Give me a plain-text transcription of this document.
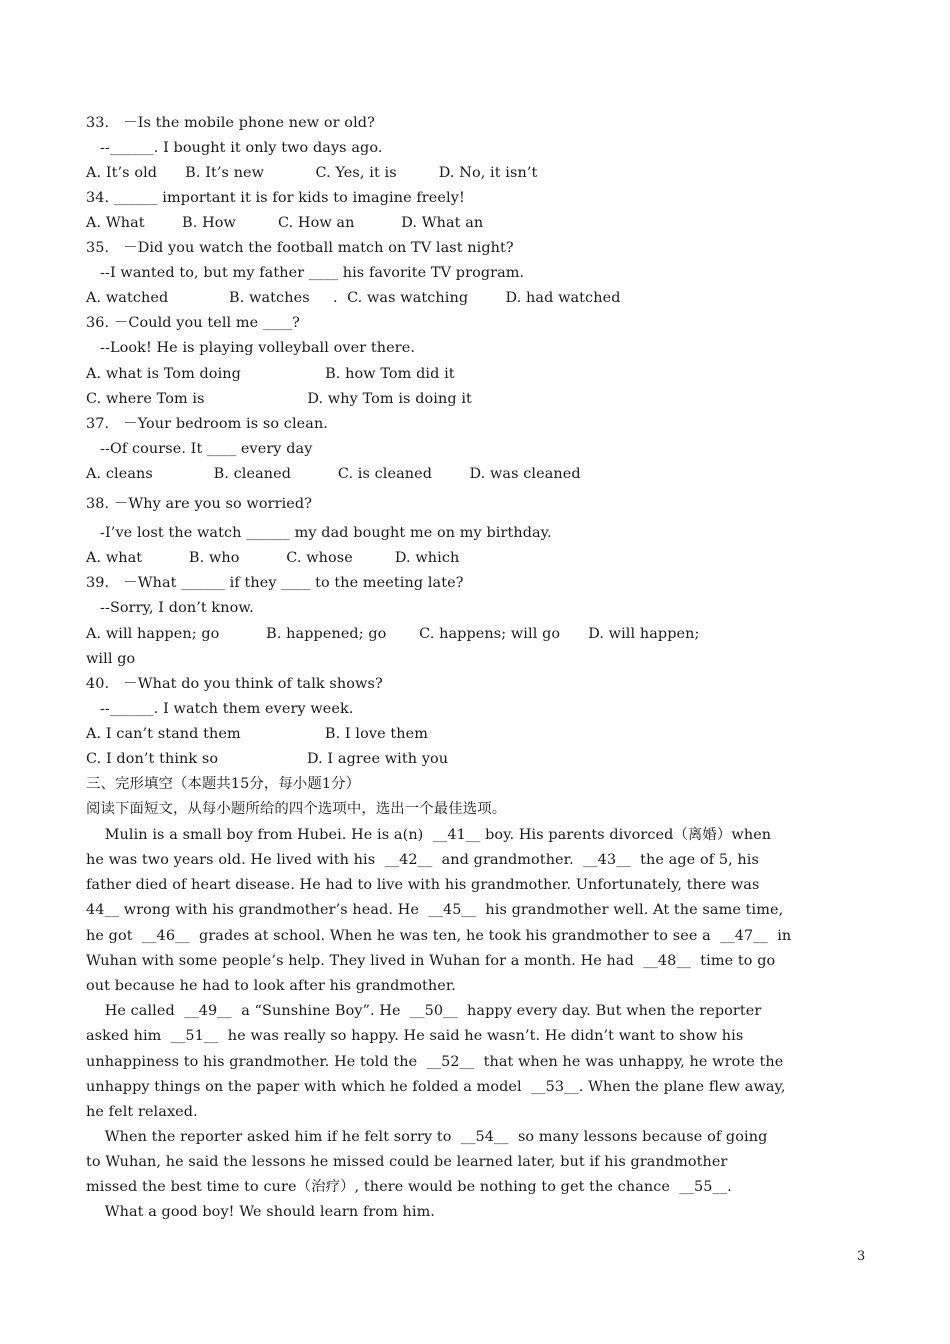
33.   －Is the mobile phone new or old?
--______. I bought it only two days ago.
A. It’s old      B. It’s new           C. Yes, it is         D. No, it isn’t
34. ______ important it is for kids to imagine freely!
A. What        B. How         C. How an          D. What an
35.   －Did you watch the football match on TV last night?
--I wanted to, but my father ____ his favorite TV program.
A. watched             B. watches     .  C. was watching        D. had watched
36. －Could you tell me ____?
--Look! He is playing volleyball over there.
A. what is Tom doing                  B. how Tom did it
C. where Tom is                      D. why Tom is doing it
37.   －Your bedroom is so clean.
--Of course. It ____ every day
A. cleans             B. cleaned          C. is cleaned        D. was cleaned
38. －Why are you so worried?
-I’ve lost the watch ______ my dad bought me on my birthday.
A. what          B. who          C. whose         D. which
39.   －What ______ if they ____ to the meeting late?
--Sorry, I don’t know.
A. will happen; go          B. happened; go       C. happens; will go      D. will happen;
will go
40.   －What do you think of talk shows?
--______. I watch them every week.
A. I can’t stand them                  B. I love them
C. I don’t think so                   D. I agree with you
三、完形填空（本题共15分，每小题1分）
阅读下面短文，从每小题所给的四个选项中，选出一个最佳选项。
Mulin is a small boy from Hubei. He is a(n)  __41__ boy. His parents divorced（离婚）when
he was two years old. He lived with his  __42__  and grandmother.  __43__  the age of 5, his
father died of heart disease. He had to live with his grandmother. Unfortunately, there was
44__ wrong with his grandmother’s head. He  __45__  his grandmother well. At the same time,
he got  __46__  grades at school. When he was ten, he took his grandmother to see a  __47__  in
Wuhan with some people’s help. They lived in Wuhan for a month. He had  __48__  time to go
out because he had to look after his grandmother.
He called  __49__  a “Sunshine Boy”. He  __50__  happy every day. But when the reporter
asked him  __51__  he was really so happy. He said he wasn’t. He didn’t want to show his
unhappiness to his grandmother. He told the  __52__  that when he was unhappy, he wrote the
unhappy things on the paper with which he folded a model  __53__. When the plane flew away,
he felt relaxed.
When the reporter asked him if he felt sorry to  __54__  so many lessons because of going
to Wuhan, he said the lessons he missed could be learned later, but if his grandmother
missed the best time to cure（治疗）, there would be nothing to get the chance  __55__.
What a good boy! We should learn from him.
3
